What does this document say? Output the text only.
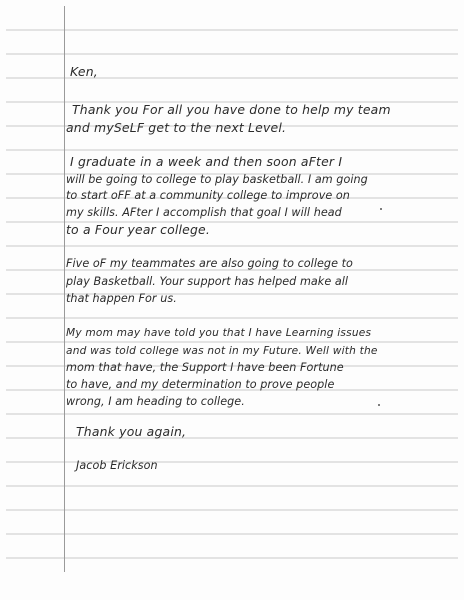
Ken,
Thank you For all you have done to help my team
and mySeLF get to the next Level.
I graduate in a week and then soon aFter I
will be going to college to play basketball. I am going
to start oFF at a community college to improve on
my skills. AFter I accomplish that goal I will head
to a Four year college.
Five oF my teammates are also going to college to
play Basketball. Your support has helped make all
that happen For us.
My mom may have told you that I have Learning issues
and was told college was not in my Future. Well with the
mom that have, the Support I have been Fortune
to have, and my determination to prove people
wrong, I am heading to college.
Thank you again,
Jacob Erickson
